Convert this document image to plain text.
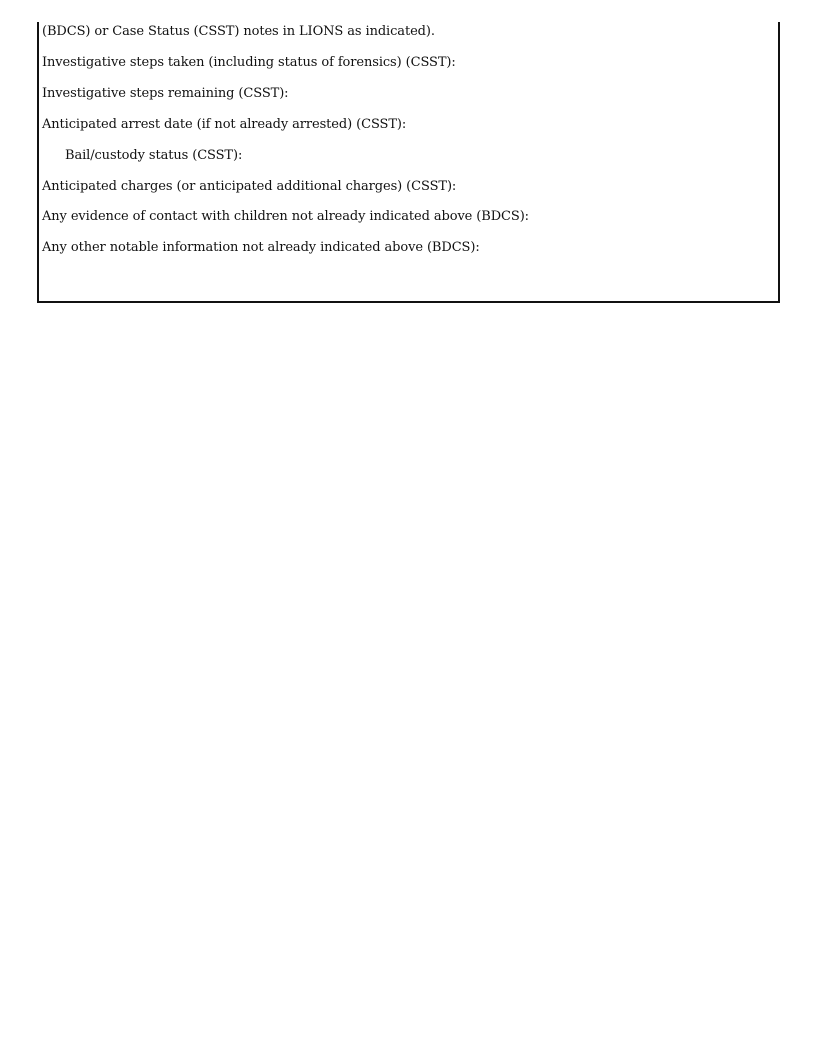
(BDCS) or Case Status (CSST) notes in LIONS as indicated).
Investigative steps taken (including status of forensics) (CSST):
Investigative steps remaining (CSST):
Anticipated arrest date (if not already arrested) (CSST):
Bail/custody status (CSST):
Anticipated charges (or anticipated additional charges) (CSST):
Any evidence of contact with children not already indicated above (BDCS):
Any other notable information not already indicated above (BDCS):
